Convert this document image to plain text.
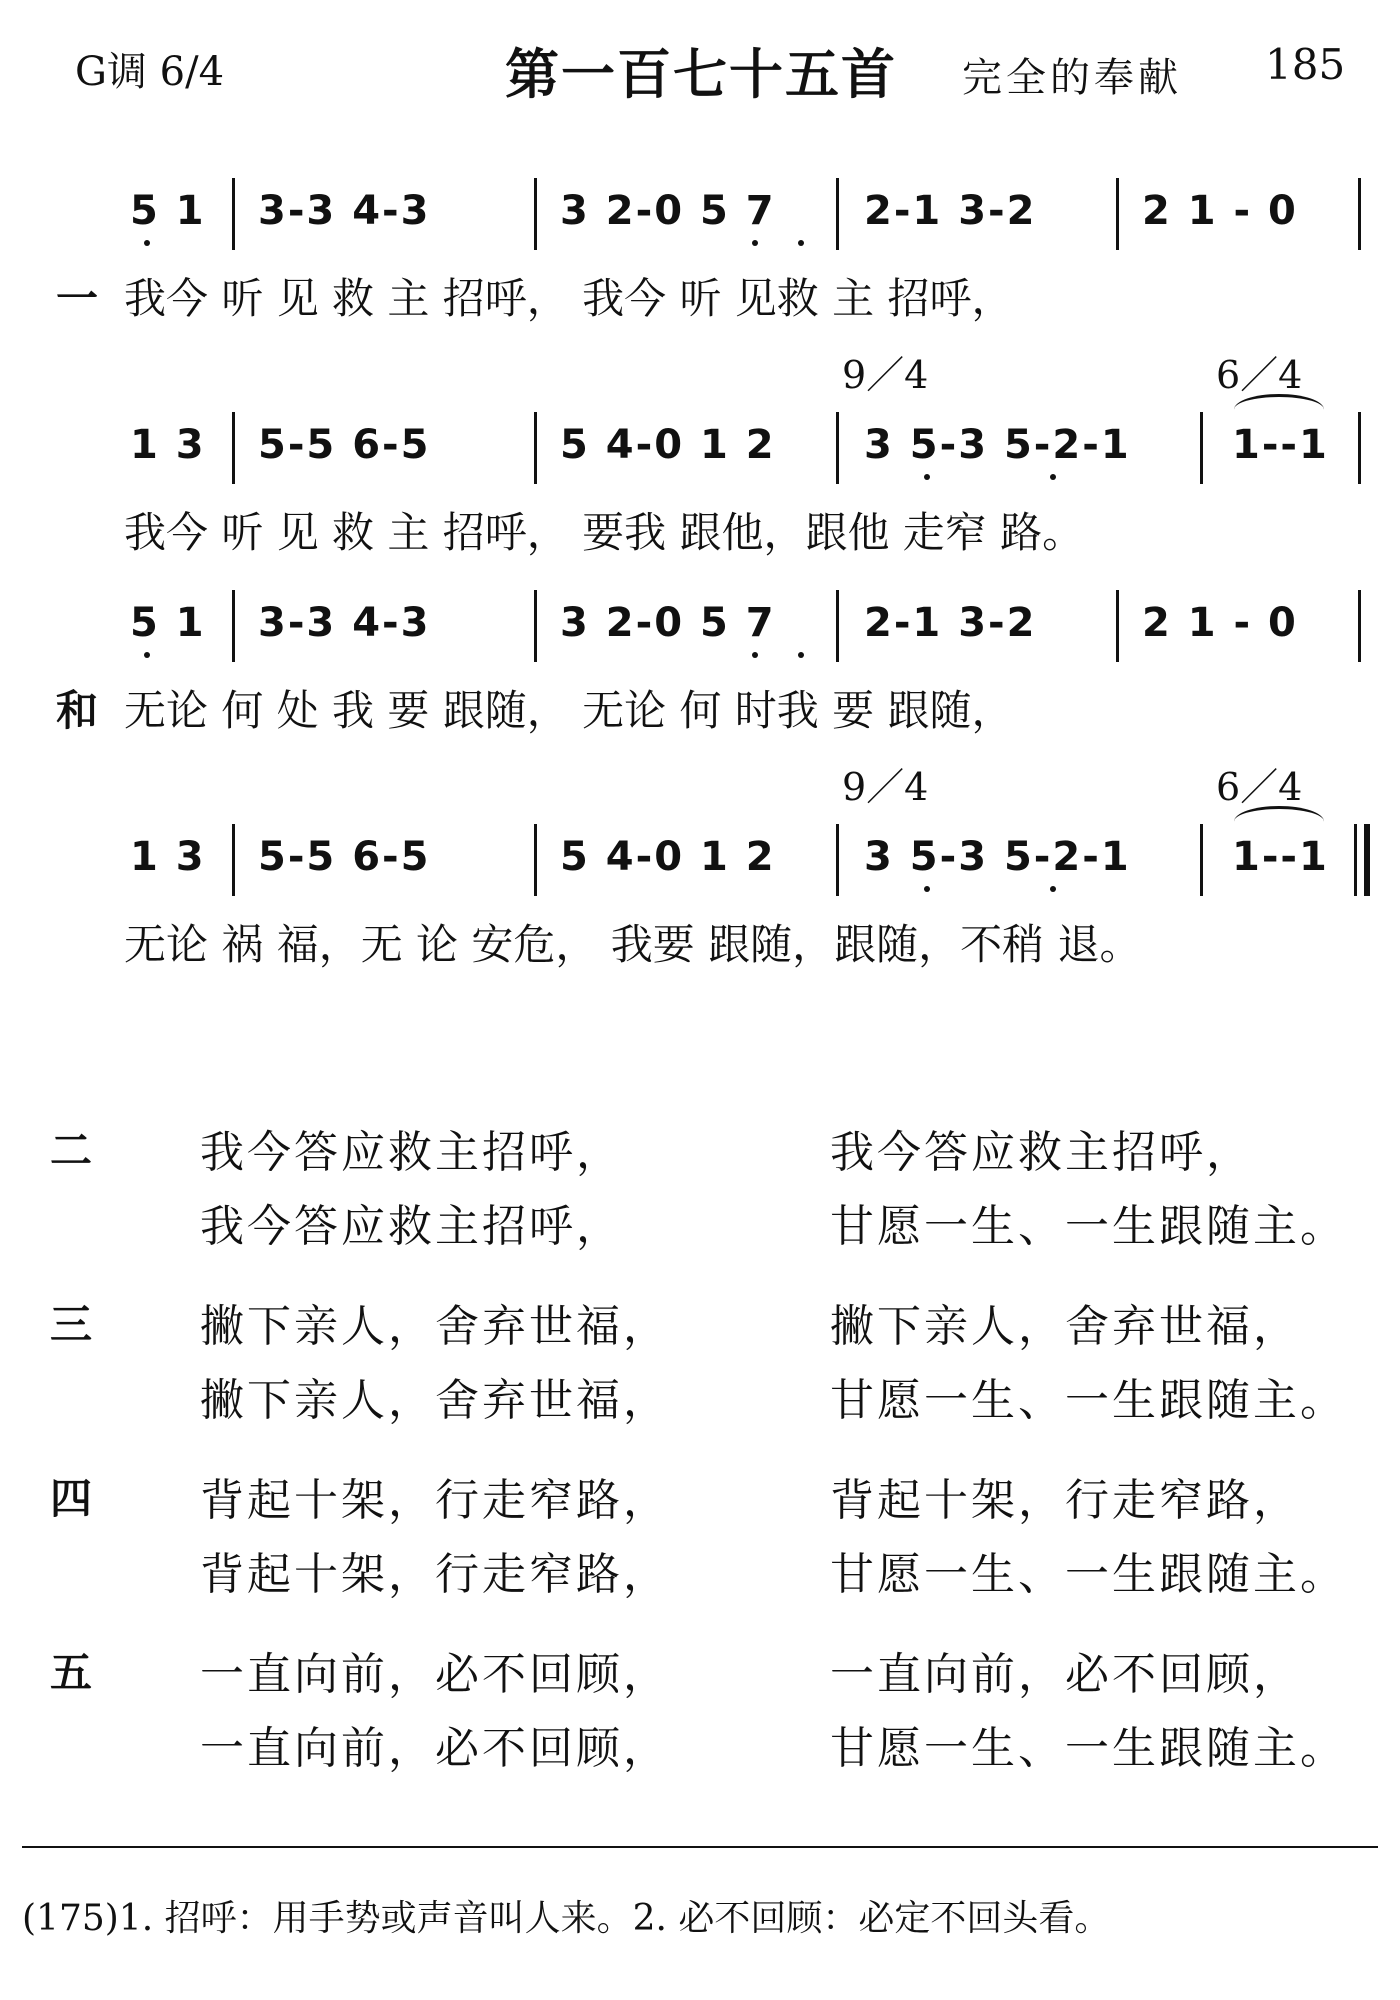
G调 6/4	第一百七十五首 完全的奉献 185
5 1 3-3 4-3	3 2-0 5 7 2-1 3-2	2 1 - 0
一 我今 听 见 救 主 招呼， 我今 听 见救 主 招呼，
9／4	6／4
1 3 5-5 6-5	5 4-0 1 2 3 5-3 5-2-1	1--1
我今 听 见 救 主 招呼， 要我 跟他，跟他 走窄 路。
5 1 3-3 4-3	3 2-0 5 7 2-1 3-2	2 1 - 0
和 无论 何 处 我 要 跟随， 无论 何 时我 要 跟随，
9／4	6／4
1 3 5-5 6-5	5 4-0 1 2 3 5-3 5-2-1	1--1
无论 祸 福，无 论 安危， 我要 跟随，跟随，不稍 退。
二 我今答应救主招呼，	我今答应救主招呼，
我今答应救主招呼，	甘愿一生、一生跟随主。
三 撇下亲人，舍弃世福，	撇下亲人，舍弃世福，
撇下亲人，舍弃世福，	甘愿一生、一生跟随主。
四 背起十架，行走窄路，	背起十架，行走窄路，
背起十架，行走窄路，	甘愿一生、一生跟随主。
五 一直向前，必不回顾，	一直向前，必不回顾，
一直向前，必不回顾，	甘愿一生、一生跟随主。
(175)1. 招呼：用手势或声音叫人来。2. 必不回顾：必定不回头看。
